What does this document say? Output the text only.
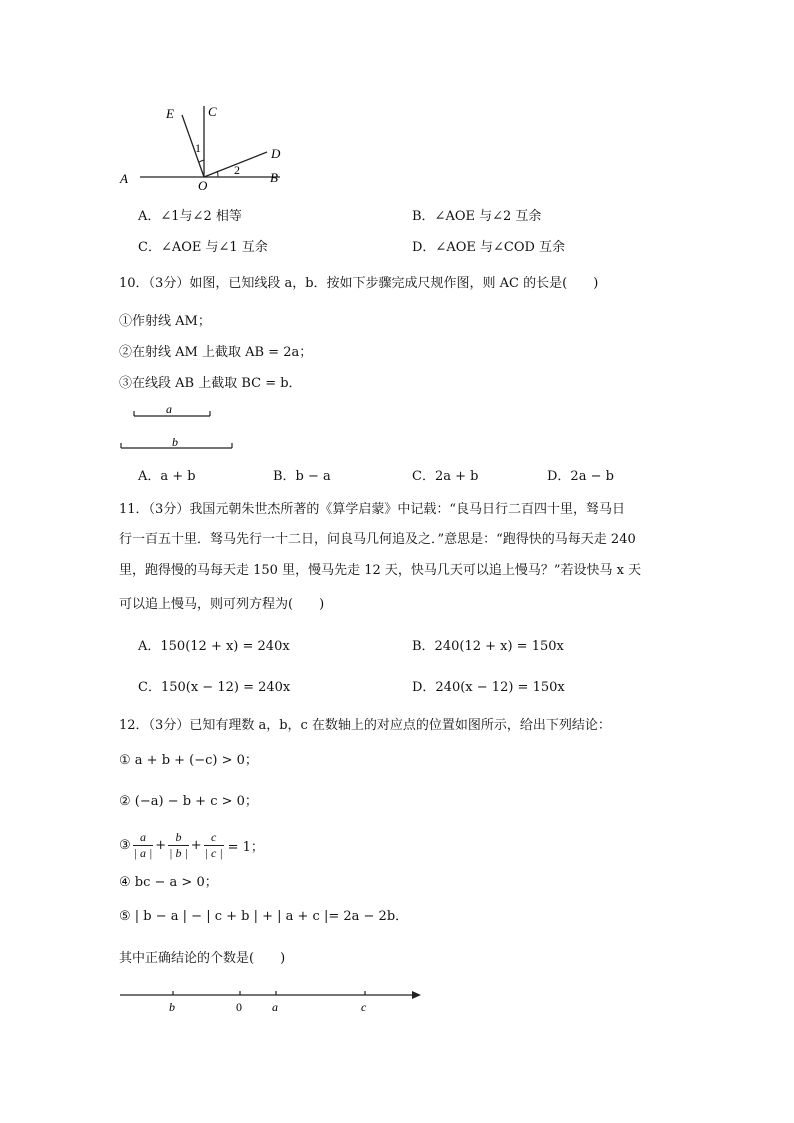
E	C
D
A	O
B
1
2
A．∠1与∠2 相等	B．∠AOE 与∠2 互余
C．∠AOE 与∠1 互余	D．∠AOE 与∠COD 互余
10．（3分）如图，已知线段 a，b．按如下步骤完成尺规作图，则 AC 的长是(　　)
①作射线 AM；
②在射线 AM 上截取 AB = 2a；
③在线段 AB 上截取 BC = b．
a
b
A．a + b	B．b − a	C．2a + b	D．2a − b
11．（3分）我国元朝朱世杰所著的《算学启蒙》中记载：“良马日行二百四十里，驽马日
行一百五十里．驽马先行一十二日，问良马几何追及之．”意思是：“跑得快的马每天走 240
里，跑得慢的马每天走 150 里，慢马先走 12 天，快马几天可以追上慢马？”若设快马 x 天
可以追上慢马，则可列方程为(　　)
A．150(12 + x) = 240x	B．240(12 + x) = 150x
C．150(x − 12) = 240x	D．240(x − 12) = 150x
12．（3分）已知有理数 a，b，c 在数轴上的对应点的位置如图所示，给出下列结论：
① a + b + (−c) > 0；
② (−a) − b + c > 0；
③ $\frac{a}{| a |} + \frac{b}{| b |} + \frac{c}{| c |} = 1$；
④ bc − a > 0；
⑤ | b − a | − | c + b | + | a + c |= 2a − 2b．
其中正确结论的个数是(　　)
b	0	a	c
